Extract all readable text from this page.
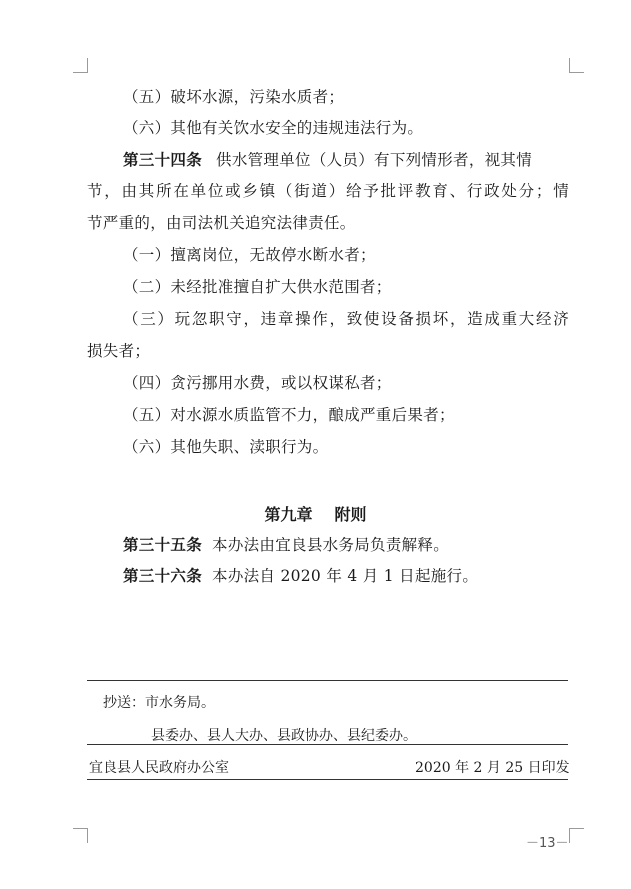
（五）破坏水源，污染水质者；
（六）其他有关饮水安全的违规违法行为。
第三十四条 供水管理单位（人员）有下列情形者，视其情
节，由其所在单位或乡镇（街道）给予批评教育、行政处分；情
节严重的，由司法机关追究法律责任。
（一）擅离岗位，无故停水断水者；
（二）未经批准擅自扩大供水范围者；
（三）玩忽职守，违章操作，致使设备损坏，造成重大经济
损失者；
（四）贪污挪用水费，或以权谋私者；
（五）对水源水质监管不力，酿成严重后果者；
（六）其他失职、渎职行为。
第九章 附则
第三十五条 本办法由宜良县水务局负责解释。
第三十六条 本办法自 2020 年 4 月 1 日起施行。
抄送：市水务局。
县委办、县人大办、县政协办、县纪委办。
宜良县人民政府办公室	2020 年 2 月 25 日印发
－13－
